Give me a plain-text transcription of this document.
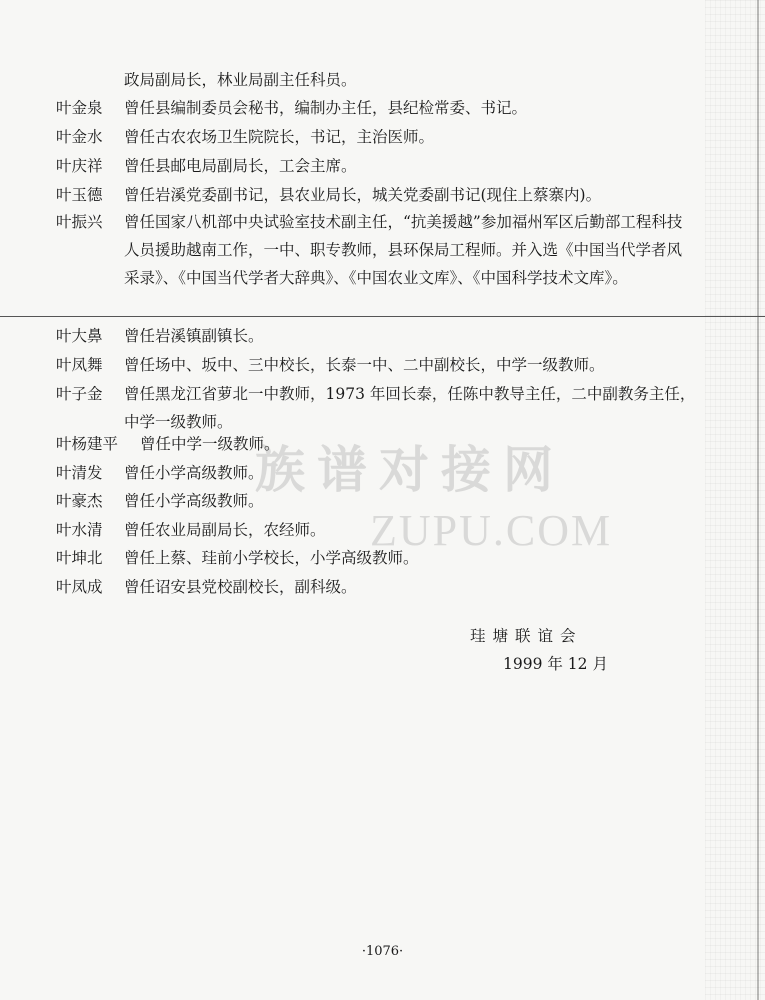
族谱对接网
ZUPU.COM
政局副局长，林业局副主任科员。
叶金泉 曾任县编制委员会秘书，编制办主任，县纪检常委、书记。
叶金水 曾任古农农场卫生院院长，书记，主治医师。
叶庆祥 曾任县邮电局副局长，工会主席。
叶玉德 曾任岩溪党委副书记，县农业局长，城关党委副书记(现住上蔡寨内)。
叶振兴 曾任国家八机部中央试验室技术副主任，“抗美援越”参加福州军区后勤部工程科技人员援助越南工作，一中、职专教师，县环保局工程师。并入选《中国当代学者风采录》、《中国当代学者大辞典》、《中国农业文库》、《中国科学技术文库》。
叶大鼻 曾任岩溪镇副镇长。
叶凤舞 曾任场中、坂中、三中校长，长泰一中、二中副校长，中学一级教师。
叶子金 曾任黑龙江省萝北一中教师，1973 年回长泰，任陈中教导主任，二中副教务主任，中学一级教师。
叶杨建平 曾任中学一级教师。
叶清发 曾任小学高级教师。
叶豪杰 曾任小学高级教师。
叶水清 曾任农业局副局长，农经师。
叶坤北 曾任上蔡、珪前小学校长，小学高级教师。
叶凤成 曾任诏安县党校副校长，副科级。
珪塘联谊会
1999 年 12 月
·1076·
